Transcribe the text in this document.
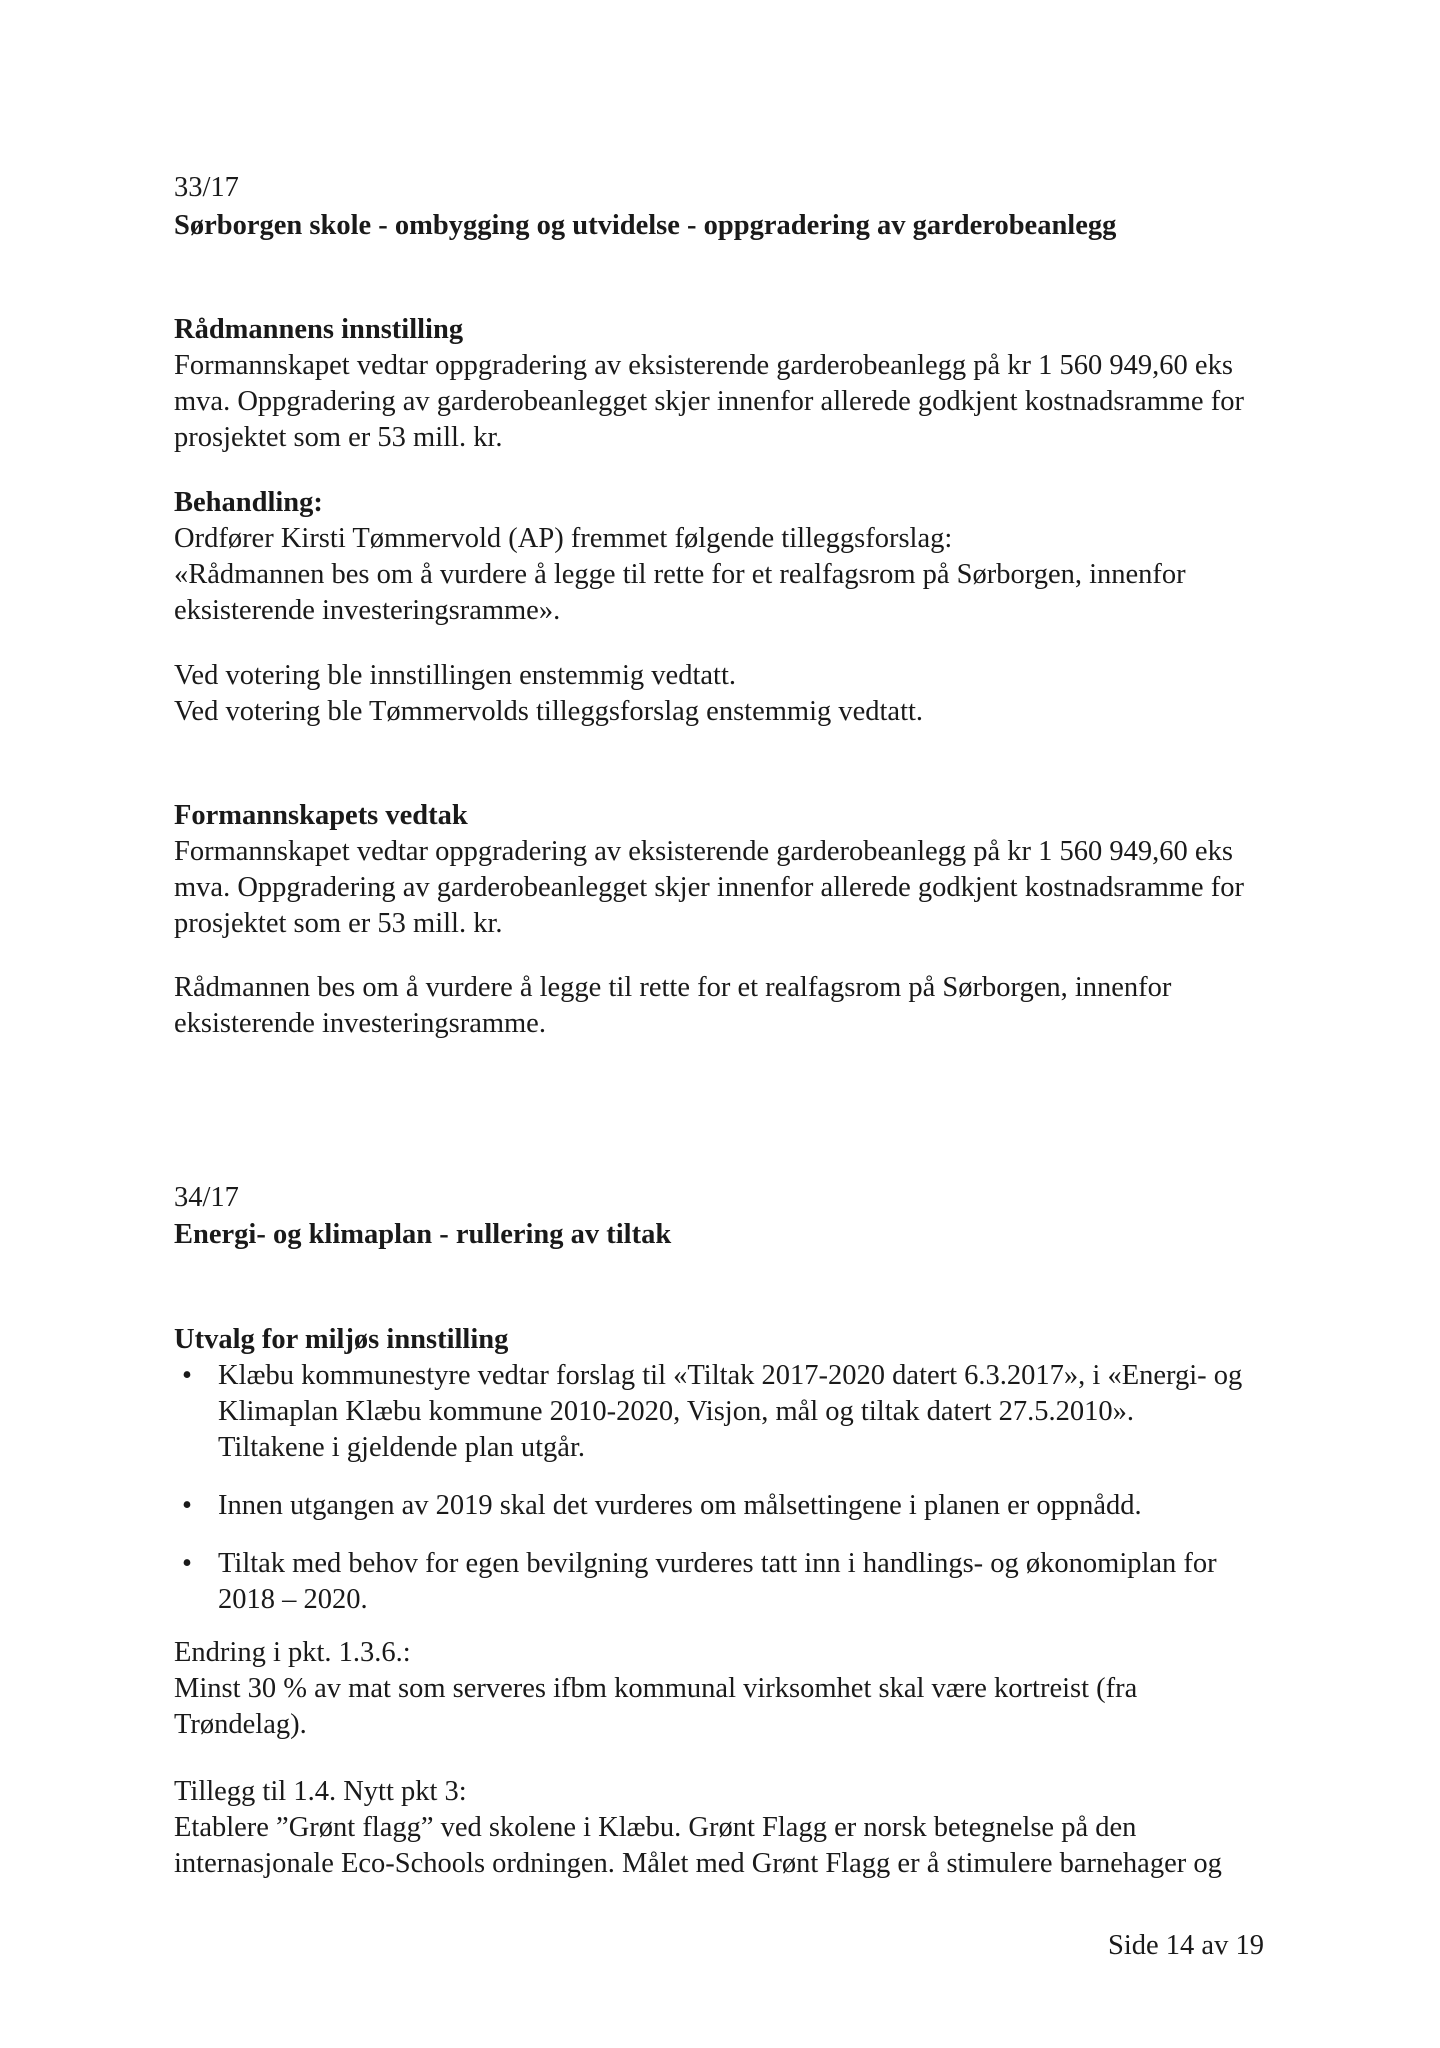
33/17
Sørborgen skole - ombygging og utvidelse - oppgradering av garderobeanlegg
Rådmannens innstilling
Formannskapet vedtar oppgradering av eksisterende garderobeanlegg på kr 1 560 949,60 eks
mva. Oppgradering av garderobeanlegget skjer innenfor allerede godkjent kostnadsramme for
prosjektet som er 53 mill. kr.
Behandling:
Ordfører Kirsti Tømmervold (AP) fremmet følgende tilleggsforslag:
«Rådmannen bes om å vurdere å legge til rette for et realfagsrom på Sørborgen, innenfor
eksisterende investeringsramme».
Ved votering ble innstillingen enstemmig vedtatt.
Ved votering ble Tømmervolds tilleggsforslag enstemmig vedtatt.
Formannskapets vedtak
Formannskapet vedtar oppgradering av eksisterende garderobeanlegg på kr 1 560 949,60 eks
mva. Oppgradering av garderobeanlegget skjer innenfor allerede godkjent kostnadsramme for
prosjektet som er 53 mill. kr.
Rådmannen bes om å vurdere å legge til rette for et realfagsrom på Sørborgen, innenfor
eksisterende investeringsramme.
34/17
Energi- og klimaplan - rullering av tiltak
Utvalg for miljøs innstilling
• Klæbu kommunestyre vedtar forslag til «Tiltak 2017-2020 datert 6.3.2017», i «Energi- og
Klimaplan Klæbu kommune 2010-2020, Visjon, mål og tiltak datert 27.5.2010».
Tiltakene i gjeldende plan utgår.
• Innen utgangen av 2019 skal det vurderes om målsettingene i planen er oppnådd.
• Tiltak med behov for egen bevilgning vurderes tatt inn i handlings- og økonomiplan for
2018 – 2020.
Endring i pkt. 1.3.6.:
Minst 30 % av mat som serveres ifbm kommunal virksomhet skal være kortreist (fra
Trøndelag).
Tillegg til 1.4. Nytt pkt 3:
Etablere ”Grønt flagg” ved skolene i Klæbu. Grønt Flagg er norsk betegnelse på den
internasjonale Eco-Schools ordningen. Målet med Grønt Flagg er å stimulere barnehager og
Side 14 av 19
